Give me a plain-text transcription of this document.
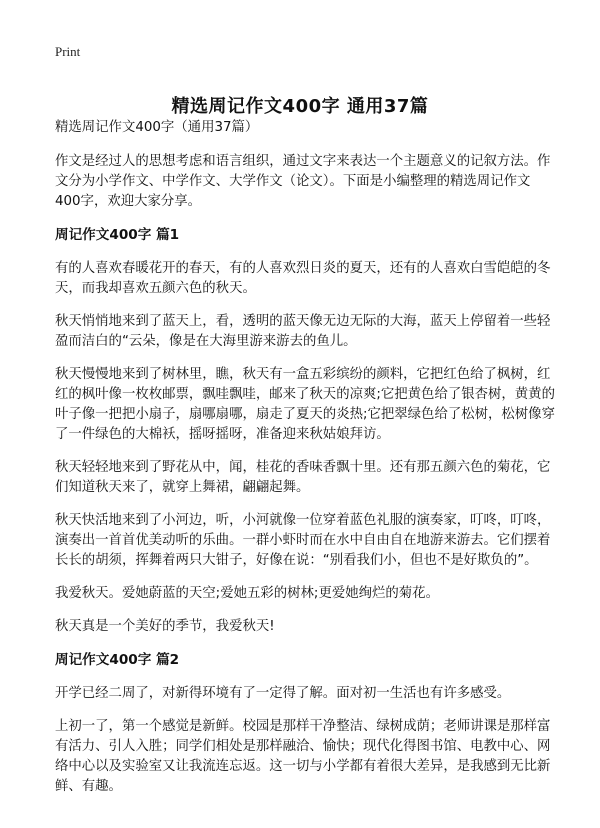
Print
精选周记作文400字 通用37篇

精选周记作文400字（通用37篇）

作文是经过人的思想考虑和语言组织，通过文字来表达一个主题意义的记叙方法。作文分为小学作文、中学作文、大学作文（论文）。下面是小编整理的精选周记作文400字，欢迎大家分享。

周记作文400字 篇1

有的人喜欢春暖花开的春天，有的人喜欢烈日炎的夏天，还有的人喜欢白雪皑皑的冬天，而我却喜欢五颜六色的秋天。

秋天悄悄地来到了蓝天上，看，透明的蓝天像无边无际的大海，蓝天上停留着一些轻盈而洁白的“云朵，像是在大海里游来游去的鱼儿。

秋天慢慢地来到了树林里，瞧，秋天有一盒五彩缤纷的颜料，它把红色给了枫树，红红的枫叶像一枚枚邮票，飘哇飘哇，邮来了秋天的凉爽;它把黄色给了银杏树，黄黄的叶子像一把把小扇子，扇哪扇哪，扇走了夏天的炎热;它把翠绿色给了松树，松树像穿了一件绿色的大棉袄，摇呀摇呀，准备迎来秋姑娘拜访。

秋天轻轻地来到了野花从中，闻，桂花的香味香飘十里。还有那五颜六色的菊花，它们知道秋天来了，就穿上舞裙，翩翩起舞。

秋天快活地来到了小河边，听，小河就像一位穿着蓝色礼服的演奏家，叮咚，叮咚，演奏出一首首优美动听的乐曲。一群小虾时而在水中自由自在地游来游去。它们摆着长长的胡须，挥舞着两只大钳子，好像在说：“别看我们小，但也不是好欺负的”。

我爱秋天。爱她蔚蓝的天空;爱她五彩的树林;更爱她绚烂的菊花。

秋天真是一个美好的季节，我爱秋天!

周记作文400字 篇2

开学已经二周了，对新得环境有了一定得了解。面对初一生活也有许多感受。

上初一了，第一个感觉是新鲜。校园是那样干净整洁、绿树成荫；老师讲课是那样富有活力、引人入胜；同学们相处是那样融洽、愉快；现代化得图书馆、电教中心、网络中心以及实验室又让我流连忘返。这一切与小学都有着很大差异，是我感到无比新鲜、有趣。
